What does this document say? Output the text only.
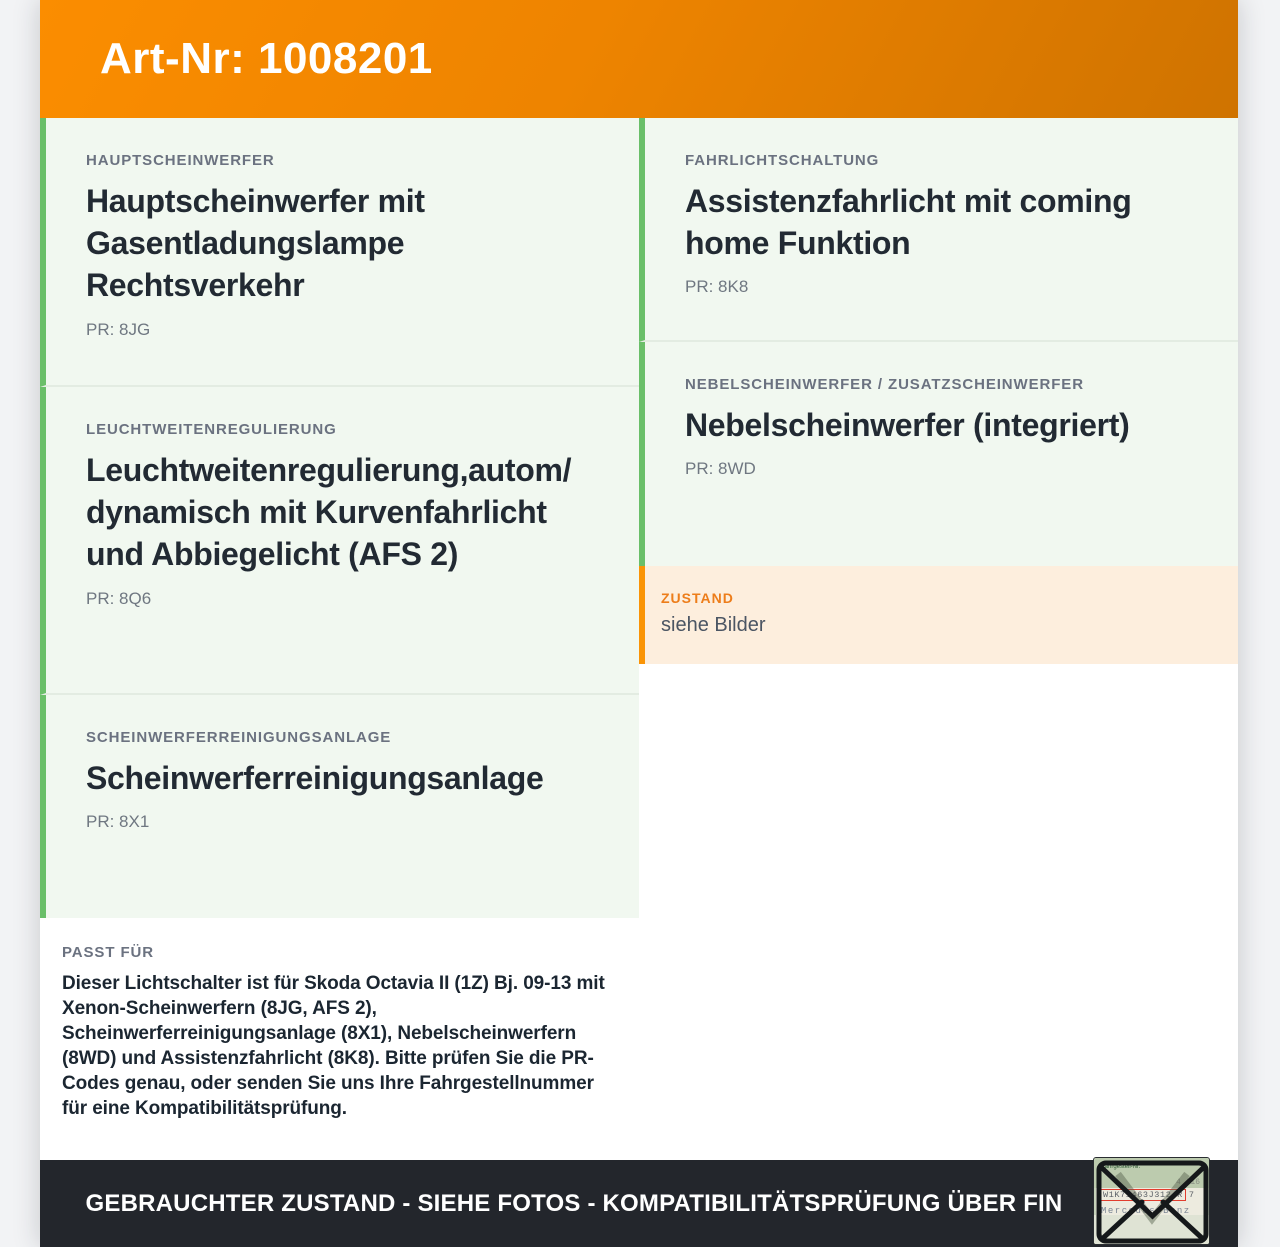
Art-Nr: 1008201
HAUPTSCHEINWERFER
Hauptscheinwerfer mit Gasentladungslampe Rechtsverkehr
PR: 8JG
LEUCHTWEITENREGULIERUNG
Leuchtweitenregulierung,autom/dynamisch mit Kurvenfahrlicht und Abbiegelicht (AFS 2)
PR: 8Q6
SCHEINWERFERREINIGUNGSANLAGE
Scheinwerferreinigungsanlage
PR: 8X1
PASST FÜR
Dieser Lichtschalter ist für Skoda Octavia II (1Z) Bj. 09-13 mit Xenon-Scheinwerfern (8JG, AFS 2), Scheinwerferreinigungsanlage (8X1), Nebelscheinwerfern (8WD) und Assistenzfahrlicht (8K8). Bitte prüfen Sie die PR-Codes genau, oder senden Sie uns Ihre Fahrgestellnummer für eine Kompatibilitätsprüfung.
FAHRLICHTSCHALTUNG
Assistenzfahrlicht mit coming home Funktion
PR: 8K8
NEBELSCHEINWERFER / ZUSATZSCHEINWERFER
Nebelscheinwerfer (integriert)
PR: 8WD
ZUSTAND
siehe Bilder
GEBRAUCHTER ZUSTAND - SIEHE FOTOS - KOMPATIBILITÄTSPRÜFUNG ÜBER FIN
Fahrgestell-Nr.
4 A16
W1K71463J3124R 7
Mercedes-Benz
